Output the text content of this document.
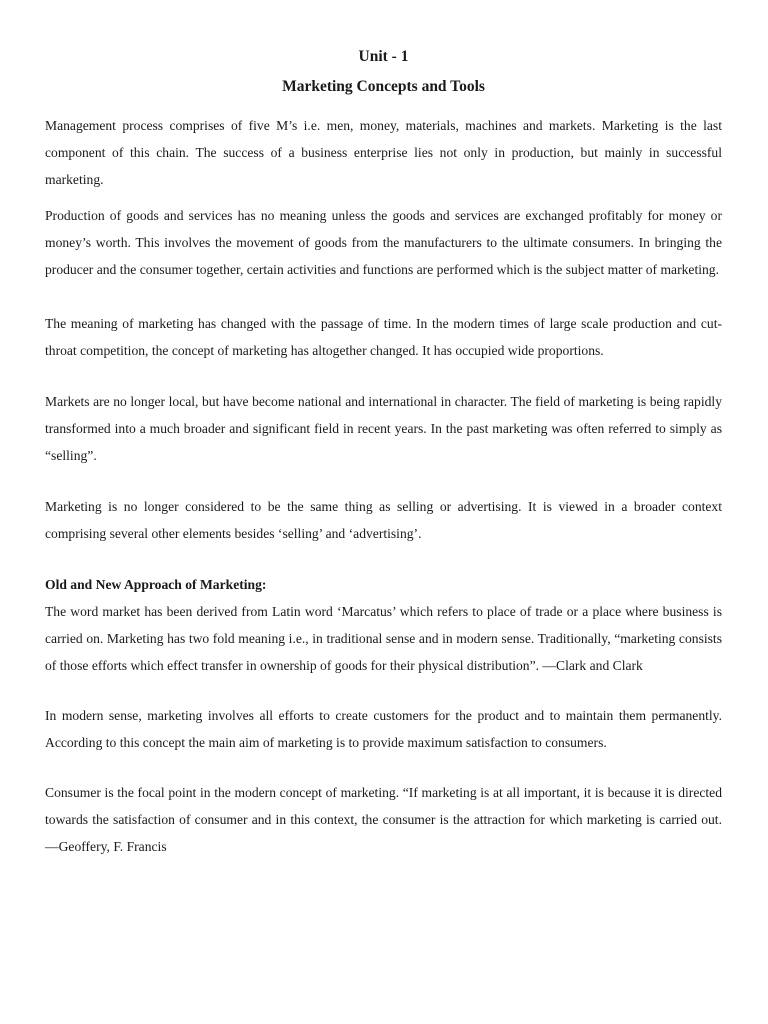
Unit - 1
Marketing Concepts and Tools

Management process comprises of five M’s i.e. men, money, materials, machines and markets. Marketing is the last component of this chain. The success of a business enterprise lies not only in production, but mainly in successful marketing.

Production of goods and services has no meaning unless the goods and services are exchanged profitably for money or money’s worth. This involves the movement of goods from the manufacturers to the ultimate consumers. In bringing the producer and the consumer together, certain activities and functions are performed which is the subject matter of marketing.

The meaning of marketing has changed with the passage of time. In the modern times of large scale production and cut-throat competition, the concept of marketing has altogether changed. It has occupied wide proportions.

Markets are no longer local, but have become national and international in character. The field of marketing is being rapidly transformed into a much broader and significant field in recent years. In the past marketing was often referred to simply as “selling”.

Marketing is no longer considered to be the same thing as selling or advertising. It is viewed in a broader context comprising several other elements besides ‘selling’ and ‘advertising’.

Old and New Approach of Marketing:

The word market has been derived from Latin word ‘Marcatus’ which refers to place of trade or a place where business is carried on. Marketing has two fold meaning i.e., in traditional sense and in modern sense. Traditionally, “marketing consists of those efforts which effect transfer in ownership of goods for their physical distribution”. —Clark and Clark

In modern sense, marketing involves all efforts to create customers for the product and to maintain them permanently. According to this concept the main aim of marketing is to provide maximum satisfaction to consumers.

Consumer is the focal point in the modern concept of marketing. “If marketing is at all important, it is because it is directed towards the satisfaction of consumer and in this context, the consumer is the attraction for which marketing is carried out. —Geoffery, F. Francis
